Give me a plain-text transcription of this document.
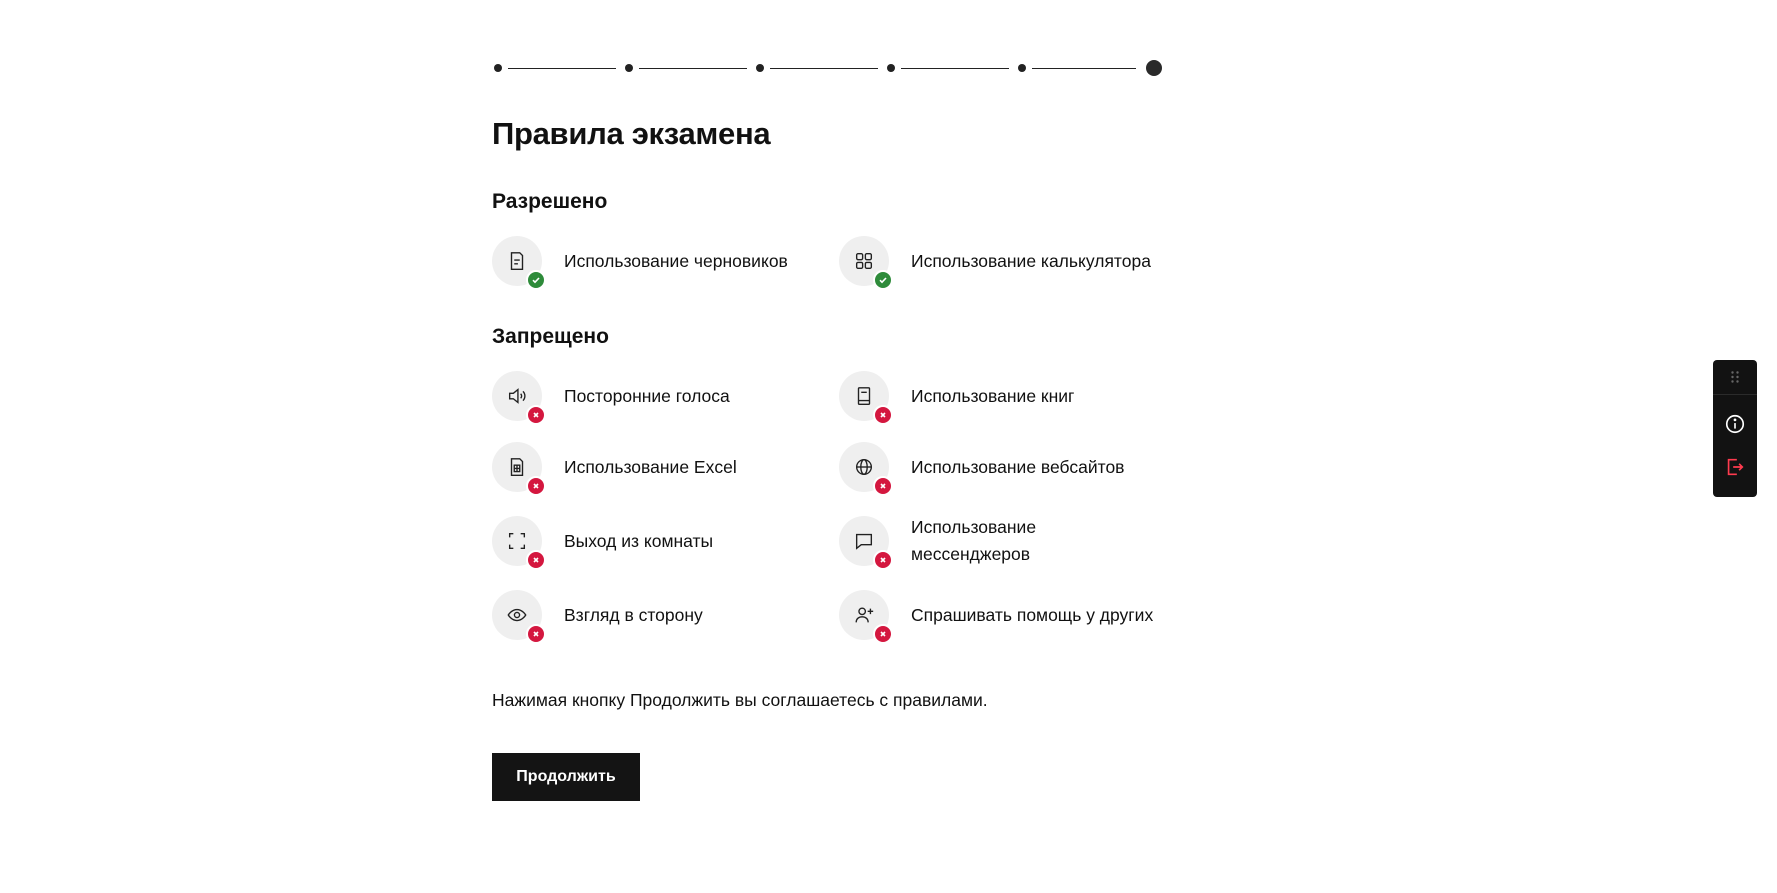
Правила экзамена
Разрешено
Использование черновиков	Использование калькулятора
Запрещено
Посторонние голоса	Использование книг
Использование Excel	Использование вебсайтов
Выход из комнаты
Использование мессенджеров
Взгляд в сторону	Спрашивать помощь у других

Нажимая кнопку Продолжить вы соглашаетесь с правилами.

Продолжить
